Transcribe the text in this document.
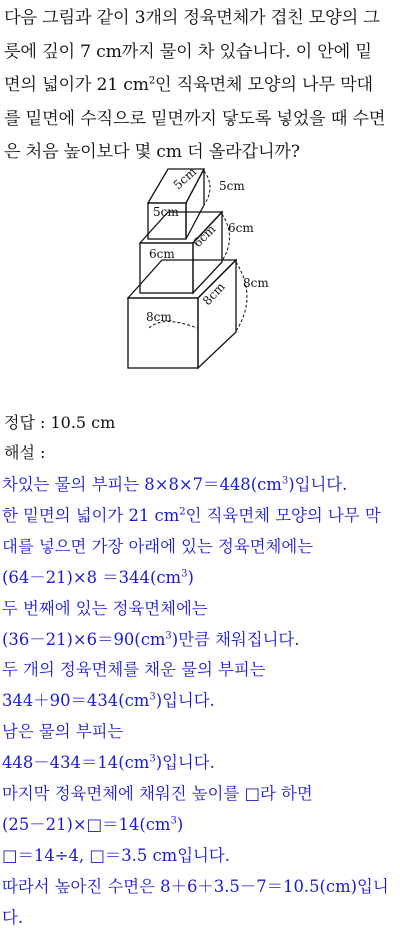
다음 그림과 같이 3개의 정육면체가 겹친 모양의 그
릇에 깊이 7 cm까지 물이 차 있습니다. 이 안에 밑
면의 넓이가 21 $cm^2$인 직육면체 모양의 나무 막대
를 밑면에 수직으로 밑면까지 닿도록 넣었을 때 수면
은 처음 높이보다 몇 cm 더 올라갑니까?
5cm
5cm 5cm
6cm
6cm 6cm
8cm
8cm 8cm
정답 : 10.5 cm
해설 :
차있는 물의 부피는 $8\times 8\times 7=448(cm^3)$입니다.
한 밑면의 넓이가 21 $cm^2$인 직육면체 모양의 나무 막
대를 넣으면 가장 아래에 있는 정육면체에는
$(64-21)\times 8 =344(cm^3)$
두 번째에 있는 정육면체에는
$(36-21)\times 6=90(cm^3)$만큼 채워집니다.
두 개의 정육면체를 채운 물의 부피는
$344+90=434(cm^3)$입니다.
남은 물의 부피는
$448-434=14(cm^3)$입니다.
마지막 정육면체에 채워진 높이를 □라 하면
$(25-21)\times□=14(cm^3)$
□＝14÷4, □＝3.5 cm입니다.
따라서 높아진 수면은 8＋6＋3.5－7＝10.5(cm)입니
다.
